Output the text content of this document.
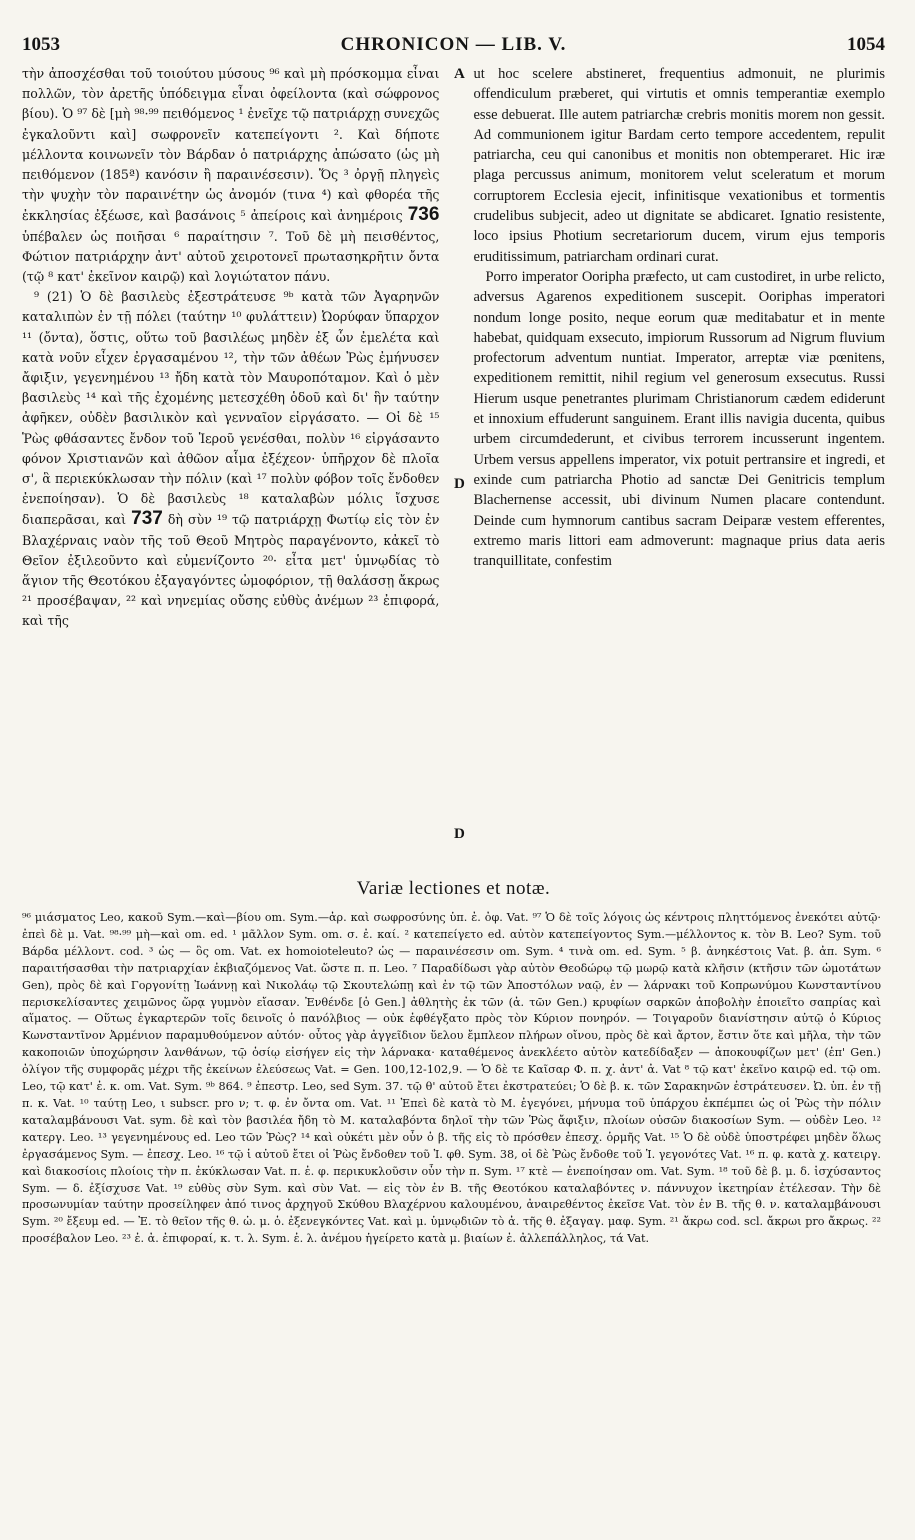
1053	CHRONICON — LIB. V.	1054
A
D
D

τὴν ἀποσχέσθαι τοῦ τοιούτου μύσους ⁹⁶ καὶ μὴ πρόσκομμα εἶναι πολλῶν, τὸν ἀρετῆς ὑπόδειγμα εἶναι ὀφείλοντα (καὶ σώφρονος βίου). Ὁ ⁹⁷ δὲ [μὴ ⁹⁸·⁹⁹ πειθόμενος ¹ ἐνεῖχε τῷ πατριάρχῃ συνεχῶς ἐγκαλοῦντι καὶ] σωφρονεῖν κατεπείγοντι ². Καὶ δήποτε μέλλοντα κοινωνεῖν τὸν Βάρδαν ὁ πατριάρχης ἀπώσατο (ὡς μὴ πειθόμενον (185ª) κανόσιν ἢ παραινέσεσιν). Ὅς ³ ὀργῇ πληγεὶς τὴν ψυχὴν τὸν παραινέτην ὡς ἀνομόν (τινα ⁴) καὶ φθορέα τῆς ἐκκλησίας ἐξέωσε, καὶ βασάνοις ⁵ ἀπείροις καὶ ἀνημέροις 736 ὑπέβαλεν ὡς ποιῆσαι ⁶ παραίτησιν ⁷. Τοῦ δὲ μὴ πεισθέντος, Φώτιον πατριάρχην ἀντ' αὐτοῦ χειροτονεῖ πρωτασηκρῆτιν ὄντα (τῷ ⁸ κατ' ἐκεῖνον καιρῷ) καὶ λογιώτατον πάνυ.

⁹ (21) Ὁ δὲ βασιλεὺς ἐξεστράτευσε ⁹ᵇ κατὰ τῶν Ἀγαρηνῶν καταλιπὼν ἐν τῇ πόλει (ταύτην ¹⁰ φυλάττειν) Ὠορύφαν ὕπαρχον ¹¹ (ὄντα), ὅστις, οὕτω τοῦ βασιλέως μηδὲν ἐξ ὧν ἐμελέτα καὶ κατὰ νοῦν εἶχεν ἐργασαμένου ¹², τὴν τῶν ἀθέων Ῥὼς ἐμήνυσεν ἄφιξιν, γεγενημένου ¹³ ἤδη κατὰ τὸν Μαυροπόταμον. Καὶ ὁ μὲν βασιλεὺς ¹⁴ καὶ τῆς ἐχομένης μετεσχέθη ὁδοῦ καὶ δι' ἣν ταύτην ἀφῆκεν, οὐδὲν βασιλικὸν καὶ γενναῖον εἰργάσατο. — Οἱ δὲ ¹⁵ Ῥὼς φθάσαντες ἔνδον τοῦ Ἱεροῦ γενέσθαι, πολὺν ¹⁶ εἰργάσαντο φόνον Χριστιανῶν καὶ ἀθῶον αἷμα ἐξέχεον· ὑπῆρχον δὲ πλοῖα σ', ἃ περιεκύκλωσαν τὴν πόλιν (καὶ ¹⁷ πολὺν φόβον τοῖς ἔνδοθεν ἐνεποίησαν). Ὁ δὲ βασιλεὺς ¹⁸ καταλαβὼν μόλις ἴσχυσε διαπερᾶσαι, καὶ 737 δὴ σὺν ¹⁹ τῷ πατριάρχῃ Φωτίῳ εἰς τὸν ἐν Βλαχέρναις ναὸν τῆς τοῦ Θεοῦ Μητρὸς παραγένοντο, κἀκεῖ τὸ Θεῖον ἐξιλεοῦντο καὶ εὐμενίζοντο ²⁰· εἶτα μετ' ὑμνῳδίας τὸ ἅγιον τῆς Θεοτόκου ἐξαγαγόντες ὠμοφόριον, τῇ θαλάσσῃ ἄκρως ²¹ προσέβαψαν, ²² καὶ νηνεμίας οὔσης εὐθὺς ἀνέμων ²³ ἐπιφορά, καὶ τῆς

ut hoc scelere abstineret, frequentius admonuit, ne plurimis offendiculum præberet, qui virtutis et omnis temperantiæ exemplo esse debuerat. Ille autem patriarchæ crebris monitis morem non gessit. Ad communionem igitur Bardam certo tempore accedentem, repulit patriarcha, ceu qui canonibus et monitis non obtemperaret. Hic iræ plaga percussus animum, monitorem velut sceleratum et morum corruptorem Ecclesia ejecit, infinitisque vexationibus et tormentis crudelibus subjecit, adeo ut dignitate se abdicaret. Ignatio resistente, loco ipsius Photium secretariorum ducem, virum ejus temporis eruditissimum, patriarcham ordinari curat.

Porro imperator Ooripha præfecto, ut cam custodiret, in urbe relicto, adversus Agarenos expeditionem suscepit. Ooriphas imperatori nondum longe posito, neque eorum quæ meditabatur et in mente habebat, quidquam exsecuto, impiorum Russorum ad Nigrum fluvium profectorum adventum nuntiat. Imperator, arreptæ viæ pœnitens, expeditionem remittit, nihil regium vel generosum exsecutus. Russi Hierum usque penetrantes plurimam Christianorum cædem ediderunt et innoxium effuderunt sanguinem. Erant illis navigia ducenta, quibus urbem circumdederunt, et civibus terrorem incusserunt ingentem. Urbem versus appellens imperator, vix potuit pertransire et ingredi, et exinde cum patriarcha Photio ad sanctæ Dei Genitricis templum Blachernense accessit, ubi divinum Numen placare contendunt. Deinde cum hymnorum cantibus sacram Deiparæ vestem efferentes, extremo maris littori eam admoverunt: magnaque prius data aeris tranquillitate, confestim

Variæ lectiones et notæ.
⁹⁶ μιάσματος Leo, κακοῦ Sym.—καὶ—βίου om. Sym.—ἀρ. καὶ σωφροσύνης ὑπ. ἐ. ὀφ. Vat. ⁹⁷ Ὁ δὲ τοῖς λόγοις ὡς κέντροις πληττόμενος ἐνεκότει αὐτῷ· ἐπεὶ δὲ μ. Vat. ⁹⁸·⁹⁹ μὴ—καὶ om. ed. ¹ μᾶλλον Sym. om. σ. ἐ. καί. ² κατεπείγετο ed. αὐτὸν κατεπείγοντος Sym.—μέλλοντος κ. τὸν Β. Leo? Sym. τοῦ Βάρδα μέλλοντ. cod. ³ ὡς — ὃς om. Vat. ex homoioteleuto? ὡς — παραινέσεσιν om. Sym. ⁴ τινὰ om. ed. Sym. ⁵ β. ἀνηκέστοις Vat. β. ἀπ. Sym. ⁶ παραιτήσασθαι τὴν πατριαρχίαν ἐκβιαζόμενος Vat. ὥστε π. π. Leo. ⁷ Παραδίδωσι γὰρ αὐτὸν Θεοδώρῳ τῷ μωρῷ κατὰ κλῆσιν (κτῆσιν τῶν ὠμοτάτων Gen), πρὸς δὲ καὶ Γοργονίτῃ Ἰωάννῃ καὶ Νικολάῳ τῷ Σκουτελώπῃ καὶ ἐν τῷ τῶν Ἀποστόλων ναῷ, ἐν — λάρνακι τοῦ Κοπρωνύμου Κωνσταντίνου περισκελίσαντες χειμῶνος ὥρᾳ γυμνὸν εἴασαν. Ἐνθένδε [ὁ Gen.] ἀθλητὴς ἐκ τῶν (ἀ. τῶν Gen.) κρυφίων σαρκῶν ἀποβολὴν ἐποιεῖτο σαπρίας καὶ αἵματος. — Οὕτως ἐγκαρτερῶν τοῖς δεινοῖς ὁ πανόλβιος — οὐκ ἐφθέγξατο πρὸς τὸν Κύριον πονηρόν. — Τοιγαροῦν διανίστησιν αὐτῷ ὁ Κύριος Κωνσταντῖνον Ἀρμένιον παραμυθούμενον αὐτόν· οὗτος γὰρ ἀγγεῖδιον ὕελου ἔμπλεον πλήρων οἴνου, πρὸς δὲ καὶ ἄρτον, ἔστιν ὅτε καὶ μῆλα, τὴν τῶν κακοποιῶν ὑποχώρησιν λανθάνων, τῷ ὁσίῳ εἰσήγεν εἰς τὴν λάρνακα· καταθέμενος ἀνεκλέετο αὐτὸν κατεδίδαξεν — ἀποκουφίζων μετ' (ἐπ' Gen.) ὀλίγον τῆς συμφορᾶς μέχρι τῆς ἐκείνων ἐλεύσεως Vat. = Gen. 100,12-102,9. — Ὁ δὲ τε Καῖσαρ Φ. π. χ. ἀντ' ἀ. Vat ⁸ τῷ κατ' ἐκεῖνο καιρῷ ed. τῷ om. Leo, τῷ κατ' ἐ. κ. om. Vat. Sym. ⁹ᵇ 864. ⁹ ἐπεστρ. Leo, sed Sym. 37. τῷ θ' αὐτοῦ ἔτει ἐκστρατεύει; Ὁ δὲ β. κ. τῶν Σαρακηνῶν ἐστράτευσεν. Ὠ. ὑπ. ἐν τῇ π. κ. Vat. ¹⁰ ταύτῃ Leo, ι subscr. pro ν; τ. φ. ἐν ὄντα om. Vat. ¹¹ Ἐπεὶ δὲ κατὰ τὸ Μ. ἐγεγόνει, μήνυμα τοῦ ὑπάρχου ἐκπέμπει ὡς οἱ Ῥὼς τὴν πόλιν καταλαμβάνουσι Vat. sym. δὲ καὶ τὸν βασιλέα ἤδη τὸ Μ. καταλαβόντα δηλοῖ τὴν τῶν Ῥὼς ἄφιξιν, πλοίων οὐσῶν διακοσίων Sym. — οὐδὲν Leo. ¹² κατεργ. Leo. ¹³ γεγενημένους ed. Leo τῶν Ῥὼς? ¹⁴ καὶ οὐκέτι μὲν οὖν ὁ β. τῆς εἰς τὸ πρόσθεν ἐπεσχ. ὁρμῆς Vat. ¹⁵ Ὁ δὲ οὐδὲ ὑποστρέφει μηδὲν ὅλως ἐργασάμενος Sym. — ἐπεσχ. Leo. ¹⁶ τῷ ἱ αὐτοῦ ἔτει οἱ Ῥὼς ἔνδοθεν τοῦ Ἱ. φθ. Sym. 38, οἱ δὲ Ῥὼς ἔνδοθε τοῦ Ἱ. γεγονότες Vat. ¹⁶ π. φ. κατὰ χ. κατειργ. καὶ διακοσίοις πλοίοις τὴν π. ἐκύκλωσαν Vat. π. ἐ. φ. περικυκλοῦσιν οὖν τὴν π. Sym. ¹⁷ κτὲ — ἐνεποίησαν om. Vat. Sym. ¹⁸ τοῦ δὲ β. μ. δ. ἰσχύσαντος Sym. — δ. ἐξίσχυσε Vat. ¹⁹ εὐθὺς σὺν Sym. καὶ σὺν Vat. — εἰς τὸν ἐν Β. τῆς Θεοτόκου καταλαβόντες ν. πάννυχον ἱκετηρίαν ἐτέλεσαν. Τὴν δὲ προσωνυμίαν ταύτην προσείληφεν ἀπό τινος ἀρχηγοῦ Σκύθου Βλαχέρνου καλουμένου, ἀναιρεθέντος ἐκεῖσε Vat. τὸν ἐν Β. τῆς θ. ν. καταλαμβάνουσι Sym. ²⁰ ἔξευμ ed. — Ἐ. τὸ θεῖον τῆς θ. ὠ. μ. ὁ. ἐξενεγκόντες Vat. καὶ μ. ὑμνῳδιῶν τὸ ἀ. τῆς θ. ἐξαγαγ. μαφ. Sym. ²¹ ἄκρω cod. scl. ἄκρωι pro ἄκρως. ²² προσέβαλον Leo. ²³ ἐ. ἀ. ἐπιφοραί, κ. τ. λ. Sym. ἐ. λ. ἀνέμου ἡγείρετο κατὰ μ. βιαίων ἐ. ἀλλεπάλληλος, τά Vat.
